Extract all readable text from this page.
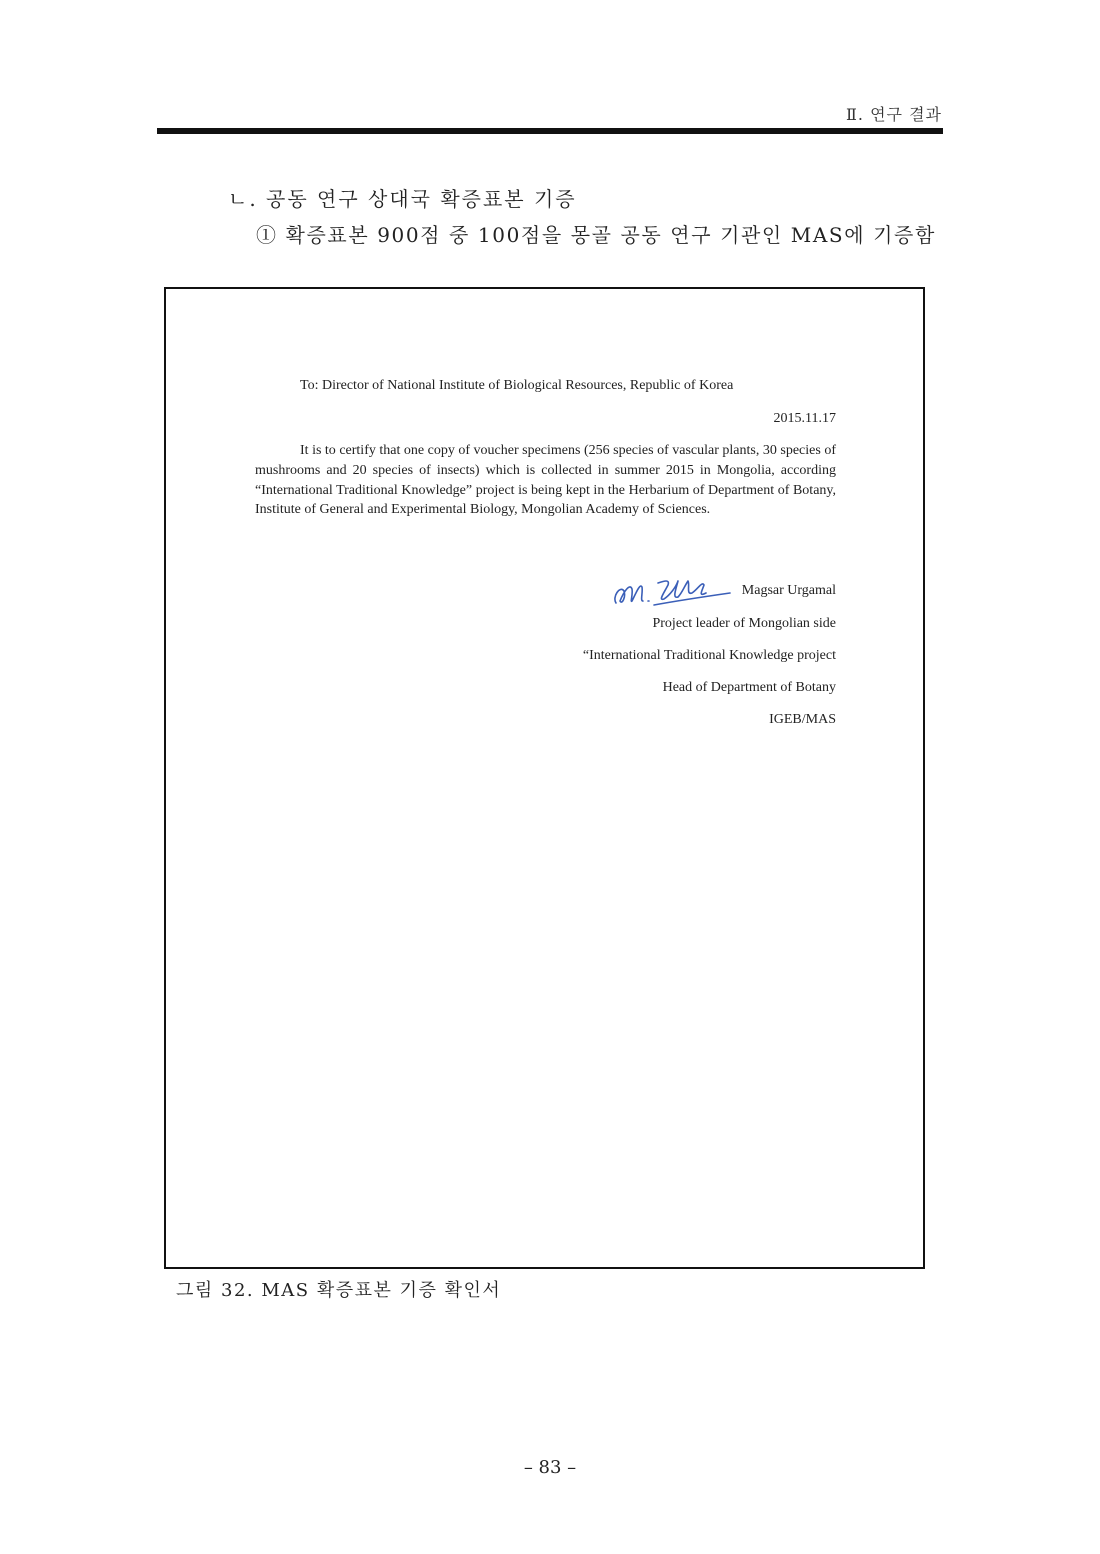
Ⅱ. 연구 결과
ㄴ. 공동 연구 상대국 확증표본 기증
① 확증표본 900점 중 100점을 몽골 공동 연구 기관인 MAS에 기증함
To: Director of National Institute of Biological Resources, Republic of Korea
2015.11.17
It is to certify that one copy of voucher specimens (256 species of vascular plants, 30 species of mushrooms and 20 species of insects) which is collected in summer 2015 in Mongolia, according “International Traditional Knowledge” project is being kept in the Herbarium of Department of Botany, Institute of General and Experimental Biology, Mongolian Academy of Sciences.
Magsar Urgamal
Project leader of Mongolian side
“International Traditional Knowledge project
Head of Department of Botany
IGEB/MAS
그림 32. MAS 확증표본 기증 확인서
– 83 –
